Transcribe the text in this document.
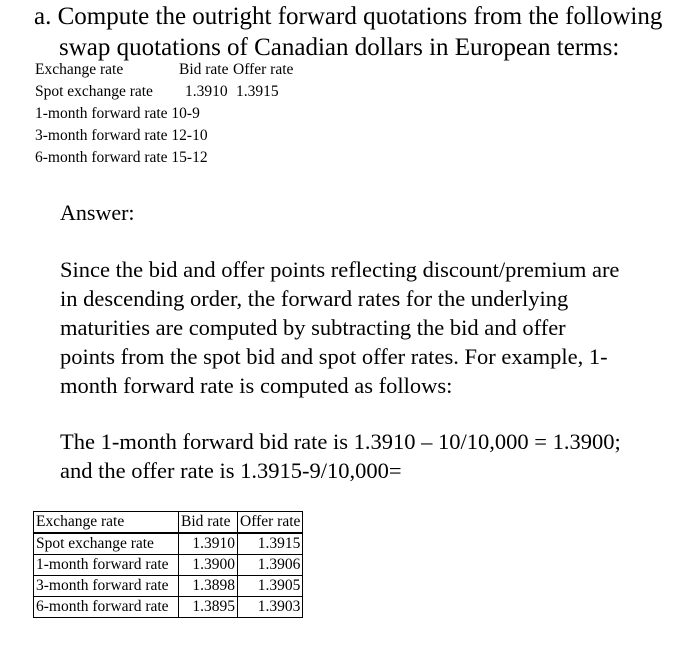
a. Compute the outright forward quotations from the following
swap quotations of Canadian dollars in European terms:
Exchange rate	Bid rate Offer rate
Spot exchange rate 1.3910 1.3915
1-month forward rate 10-9
3-month forward rate 12-10
6-month forward rate 15-12
Answer:
Since the bid and offer points reflecting discount/premium are
in descending order, the forward rates for the underlying
maturities are computed by subtracting the bid and offer
points from the spot bid and spot offer rates. For example, 1-
month forward rate is computed as follows:
The 1-month forward bid rate is 1.3910 – 10/10,000 = 1.3900;
and the offer rate is 1.3915-9/10,000=
Exchange rate	Bid rate	Offer rate
Spot exchange rate	1.3910	1.3915
1-month forward rate	1.3900	1.3906
3-month forward rate	1.3898	1.3905
6-month forward rate	1.3895	1.3903
